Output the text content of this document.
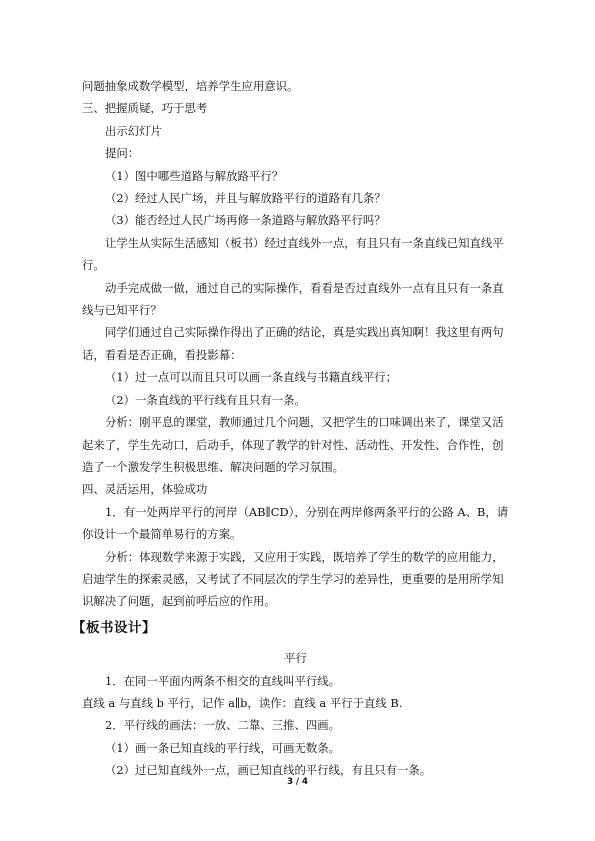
问题抽象成数学模型，培养学生应用意识。

三、把握质疑，巧于思考

出示幻灯片

提问：

（1）图中哪些道路与解放路平行？

（2）经过人民广场，并且与解放路平行的道路有几条？

（3）能否经过人民广场再修一条道路与解放路平行吗？

让学生从实际生活感知（板书）经过直线外一点，有且只有一条直线已知直线平行。

动手完成做一做，通过自己的实际操作，看看是否过直线外一点有且只有一条直线与已知平行？

同学们通过自己实际操作得出了正确的结论，真是实践出真知啊！我这里有两句话，看看是否正确，看投影幕：

（1）过一点可以而且只可以画一条直线与书籍直线平行；

（2）一条直线的平行线有且只有一条。

分析：刚平息的课堂，教师通过几个问题，又把学生的口味调出来了，课堂又活起来了，学生先动口，后动手，体现了教学的针对性、活动性、开发性、合作性，创造了一个激发学生积极思维、解决问题的学习氛围。

四、灵活运用，体验成功

1．有一处两岸平行的河岸（AB∥CD），分别在两岸修两条平行的公路 A、B，请你设计一个最简单易行的方案。

分析：体现数学来源于实践，又应用于实践，既培养了学生的数学的应用能力，启迪学生的探索灵感，又考试了不同层次的学生学习的差异性，更重要的是用所学知识解决了问题，起到前呼后应的作用。

【板书设计】

平行

1．在同一平面内两条不相交的直线叫平行线。

直线 a 与直线 b 平行，记作 a∥b，读作：直线 a 平行于直线 B.

2．平行线的画法：一放、二靠、三推、四画。

（1）画一条已知直线的平行线，可画无数条。

（2）过已知直线外一点，画已知直线的平行线，有且只有一条。

3 / 4
